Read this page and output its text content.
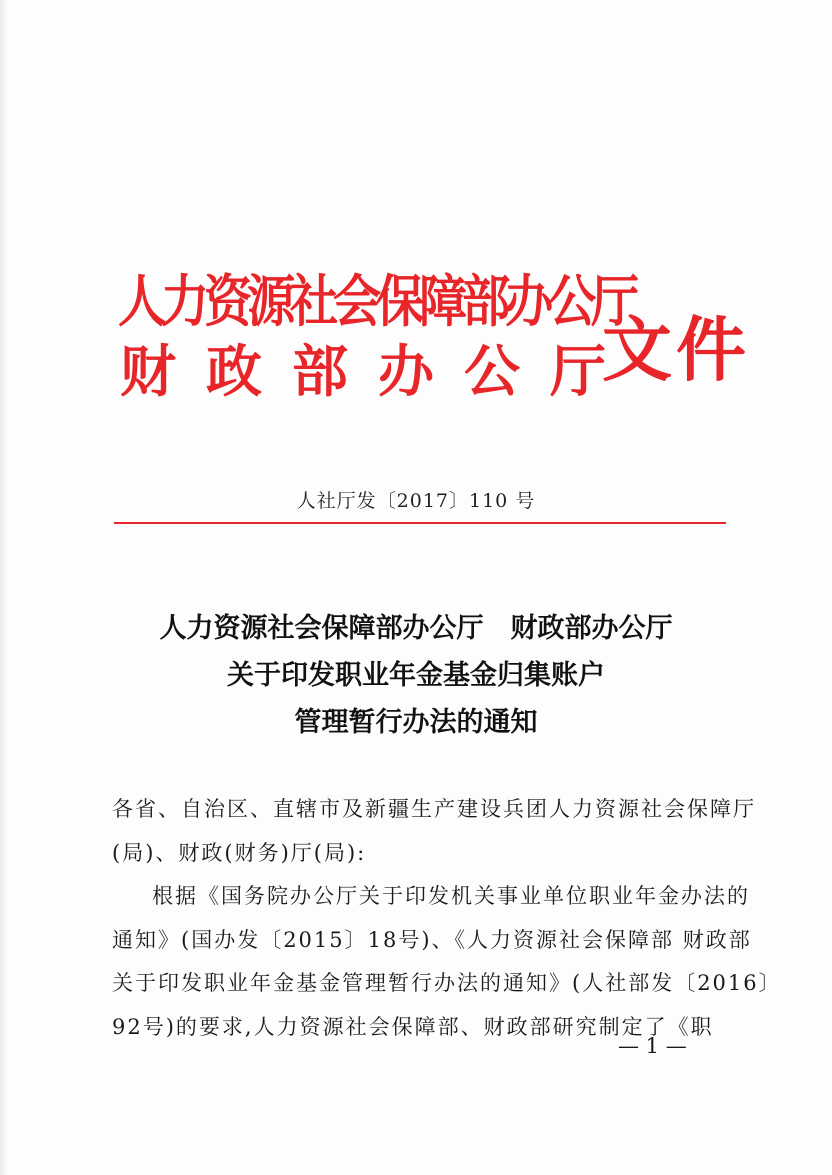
人力资源社会保障部办公厅
财政部办公厅
文件
人社厅发〔2017〕110 号
人力资源社会保障部办公厅　财政部办公厅
关于印发职业年金基金归集账户
管理暂行办法的通知
各省、自治区、直辖市及新疆生产建设兵团人力资源社会保障厅
(局)、财政(财务)厅(局):
根据《国务院办公厅关于印发机关事业单位职业年金办法的
通知》(国办发〔2015〕18号)、《人力资源社会保障部 财政部
关于印发职业年金基金管理暂行办法的通知》(人社部发〔2016〕
92号)的要求,人力资源社会保障部、财政部研究制定了《职
— 1 —
